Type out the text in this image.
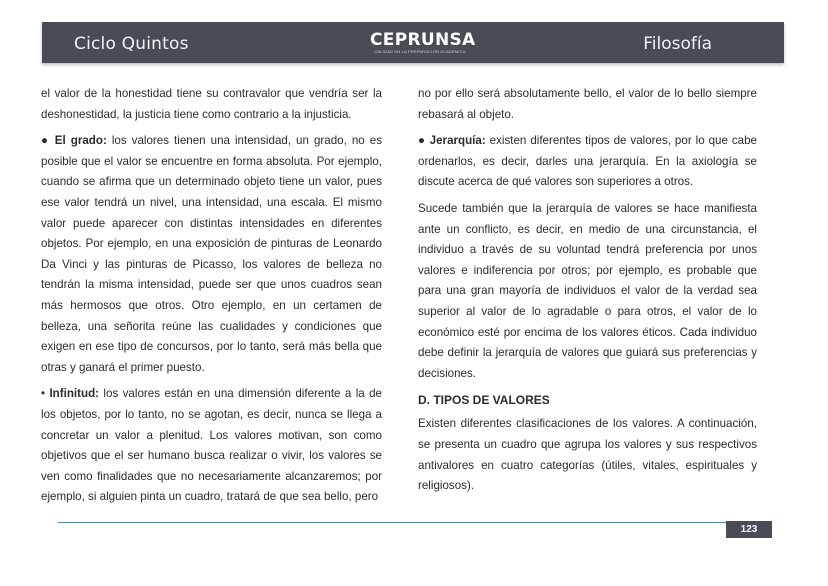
Ciclo Quintos	CEPRUNSA
CALIDAD EN LA PREPARACIÓN ACADÉMICA	Filosofía

el valor de la honestidad tiene su contravalor que vendría ser la deshonestidad, la justicia tiene como contrario a la injusticia.

● El grado: los valores tienen una intensidad, un grado, no es posible que el valor se encuentre en forma absoluta. Por ejemplo, cuando se afirma que un determinado objeto tiene un valor, pues ese valor tendrá un nivel, una intensidad, una escala. El mismo valor puede aparecer con distintas intensidades en diferentes objetos. Por ejemplo, en una exposición de pinturas de Leonardo Da Vinci y las pinturas de Picasso, los valores de belleza no tendrán la misma intensidad, puede ser que unos cuadros sean más hermosos que otros. Otro ejemplo, en un certamen de belleza, una señorita reúne las cualidades y condiciones que exigen en ese tipo de concursos, por lo tanto, será más bella que otras y ganará el primer puesto.

• Infinitud: los valores están en una dimensión diferente a la de los objetos, por lo tanto, no se agotan, es decir, nunca se llega a concretar un valor a plenitud. Los valores motivan, son como objetivos que el ser humano busca realizar o vivir, los valores se ven como finalidades que no necesariamente alcanzaremos; por ejemplo, si alguien pinta un cuadro, tratará de que sea bello, pero

no por ello será absolutamente bello, el valor de lo bello siempre rebasará al objeto.

● Jerarquía: existen diferentes tipos de valores, por lo que cabe ordenarlos, es decir, darles una jerarquía. En la axiología se discute acerca de qué valores son superiores a otros.

Sucede también que la jerarquía de valores se hace manifiesta ante un conflicto, es decir, en medio de una circunstancia, el individuo a través de su voluntad tendrá preferencia por unos valores e indiferencia por otros; por ejemplo, es probable que para una gran mayoría de individuos el valor de la verdad sea superior al valor de lo agradable o para otros, el valor de lo económico esté por encima de los valores éticos. Cada individuo debe definir la jerarquía de valores que guiará sus preferencias y decisiones.

D. TIPOS DE VALORES

Existen diferentes clasificaciones de los valores. A continuación, se presenta un cuadro que agrupa los valores y sus respectivos antivalores en cuatro categorías (útiles, vitales, espirituales y religiosos).

123
